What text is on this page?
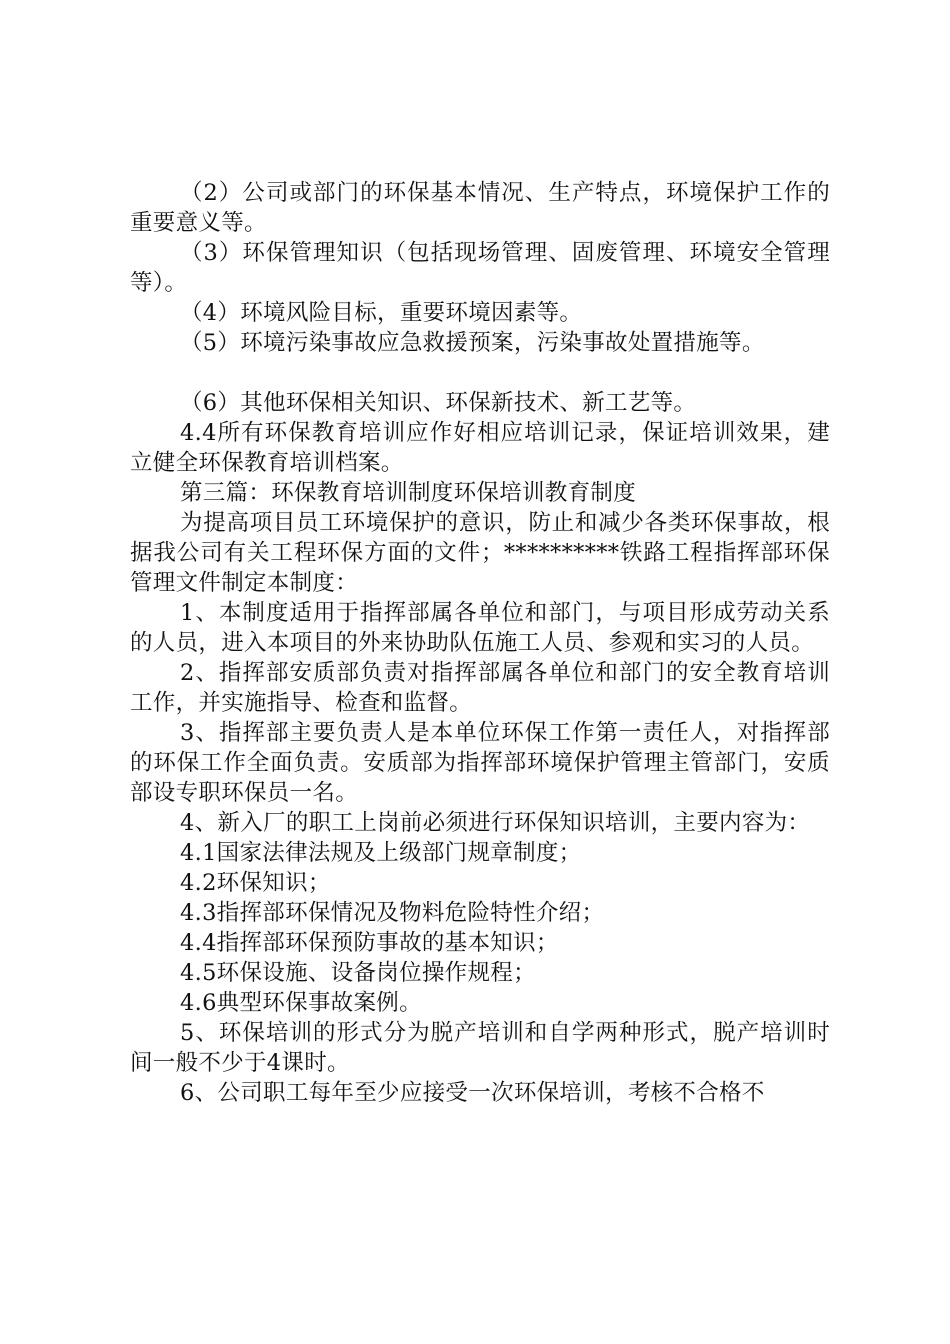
（2）公司或部门的环保基本情况、生产特点，环境保护工作的重要意义等。

（3）环保管理知识（包括现场管理、固废管理、环境安全管理等）。

（4）环境风险目标，重要环境因素等。

（5）环境污染事故应急救援预案，污染事故处置措施等。

（6）其他环保相关知识、环保新技术、新工艺等。

4.4所有环保教育培训应作好相应培训记录，保证培训效果，建立健全环保教育培训档案。

第三篇：环保教育培训制度环保培训教育制度

为提高项目员工环境保护的意识，防止和减少各类环保事故，根据我公司有关工程环保方面的文件；**********铁路工程指挥部环保管理文件制定本制度：

1、本制度适用于指挥部属各单位和部门，与项目形成劳动关系的人员，进入本项目的外来协助队伍施工人员、参观和实习的人员。

2、指挥部安质部负责对指挥部属各单位和部门的安全教育培训工作，并实施指导、检查和监督。

3、指挥部主要负责人是本单位环保工作第一责任人，对指挥部的环保工作全面负责。安质部为指挥部环境保护管理主管部门，安质部设专职环保员一名。

4、新入厂的职工上岗前必须进行环保知识培训，主要内容为：

4.1国家法律法规及上级部门规章制度；

4.2环保知识；

4.3指挥部环保情况及物料危险特性介绍；

4.4指挥部环保预防事故的基本知识；

4.5环保设施、设备岗位操作规程；

4.6典型环保事故案例。

5、环保培训的形式分为脱产培训和自学两种形式，脱产培训时间一般不少于4课时。

6、公司职工每年至少应接受一次环保培训，考核不合格不
